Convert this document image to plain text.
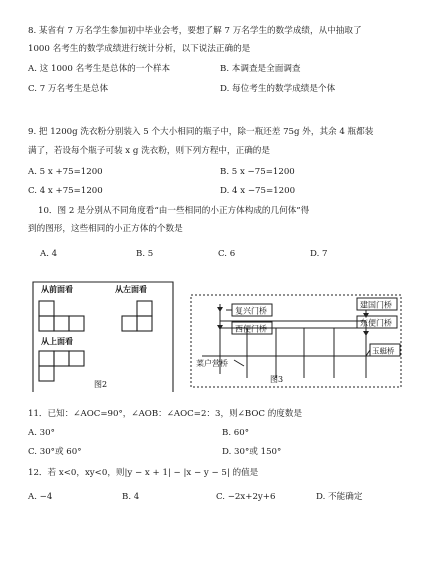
8. 某省有 7 万名学生参加初中毕业会考，要想了解 7 万名学生的数学成绩，从中抽取了
1000 名考生的数学成绩进行统计分析，以下说法正确的是
A. 这 1000 名考生是总体的一个样本	B. 本调查是全面调查
C. 7 万名考生是总体	D. 每位考生的数学成绩是个体
9. 把 1200g 洗衣粉分别装入 5 个大小相同的瓶子中，除一瓶还差 75g 外，其余 4 瓶都装
满了，若设每个瓶子可装 x g 洗衣粉，则下列方程中，正确的是
A. 5 x +75=1200	B. 5 x −75=1200
C. 4 x +75=1200	D. 4 x −75=1200
10．图 2 是分别从不同角度看“由一些相同的小正方体构成的几何体”得
到的图形，这些相同的小正方体的个数是
A. 4	B. 5	C. 6	D. 7
从前面看	从左面看
从上面看
图2
复兴门桥
西便门桥
建国门桥
东便门桥
玉蜓桥
菜户营桥
图3
11．已知：∠AOC=90°，∠AOB：∠AOC=2：3，则∠BOC 的度数是
A. 30°	B. 60°
C. 30°或 60°	D. 30°或 150°
12．若 x<0，xy<0，则|y − x + 1| − |x − y − 5| 的值是
A. −4	B. 4	C. −2x+2y+6	D. 不能确定
